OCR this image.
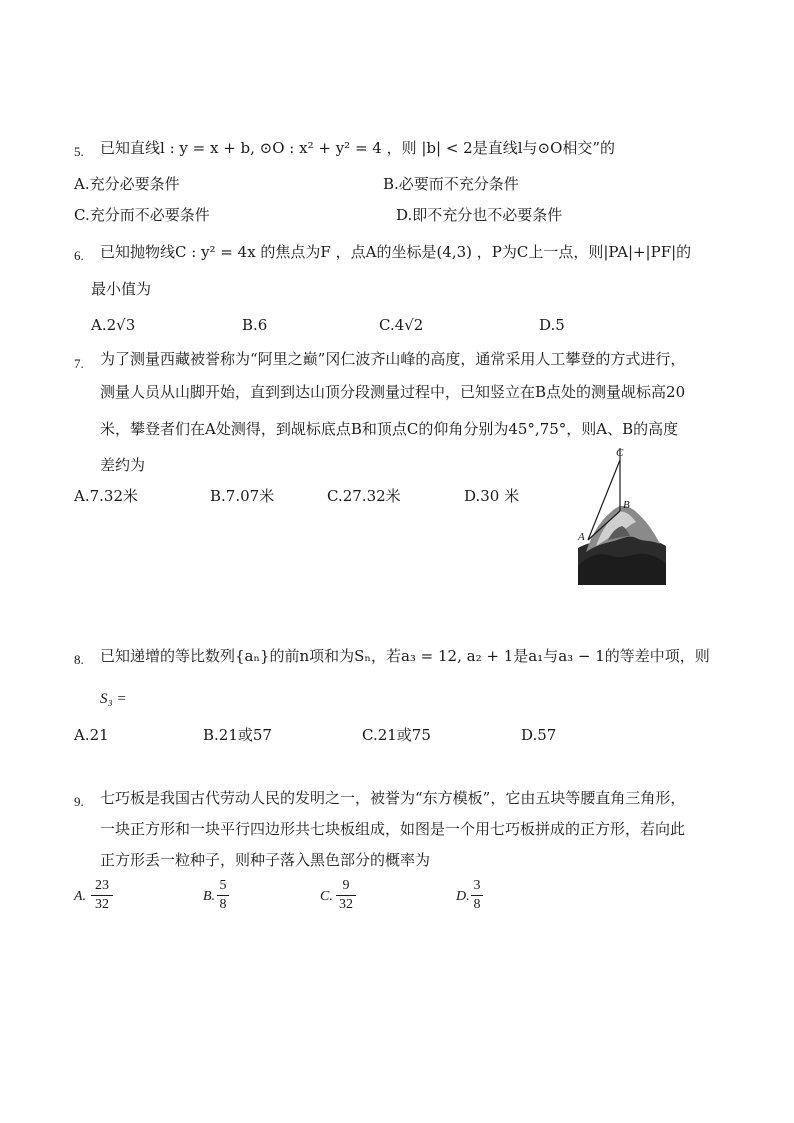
5. 已知直线l : y = x + b, ⊙O : x² + y² = 4 ，则 |b| < 2是直线l与⊙O相交”的
A.充分必要条件	B.必要而不充分条件
C.充分而不必要条件	D.即不充分也不必要条件
6. 已知抛物线C : y² = 4x 的焦点为F ，点A的坐标是(4,3) ，P为C上一点，则|PA|+|PF|的
最小值为
A.2√3	B.6	C.4√2	D.5
7. 为了测量西藏被誉称为“阿里之巅”冈仁波齐山峰的高度，通常采用人工攀登的方式进行，
测量人员从山脚开始，直到到达山顶分段测量过程中，已知竖立在B点处的测量觇标高20
米，攀登者们在A处测得，到觇标底点B和顶点C的仰角分别为45°,75°，则A、B的高度
差约为
A.7.32米	B.7.07米	C.27.32米	D.30 米
C
B
A
8. 已知递增的等比数列{aₙ}的前n项和为Sₙ，若a₃ = 12, a₂ + 1是a₁与a₃ − 1的等差中项，则
S₃ =
A.21	B.21或57	C.21或75	D.57
9. 七巧板是我国古代劳动人民的发明之一，被誉为“东方模板”，它由五块等腰直角三角形，
一块正方形和一块平行四边形共七块板组成，如图是一个用七巧板拼成的正方形，若向此
正方形丢一粒种子，则种子落入黑色部分的概率为
A.
23
32
B.
5
8
C.
9
32
D.
3
8
